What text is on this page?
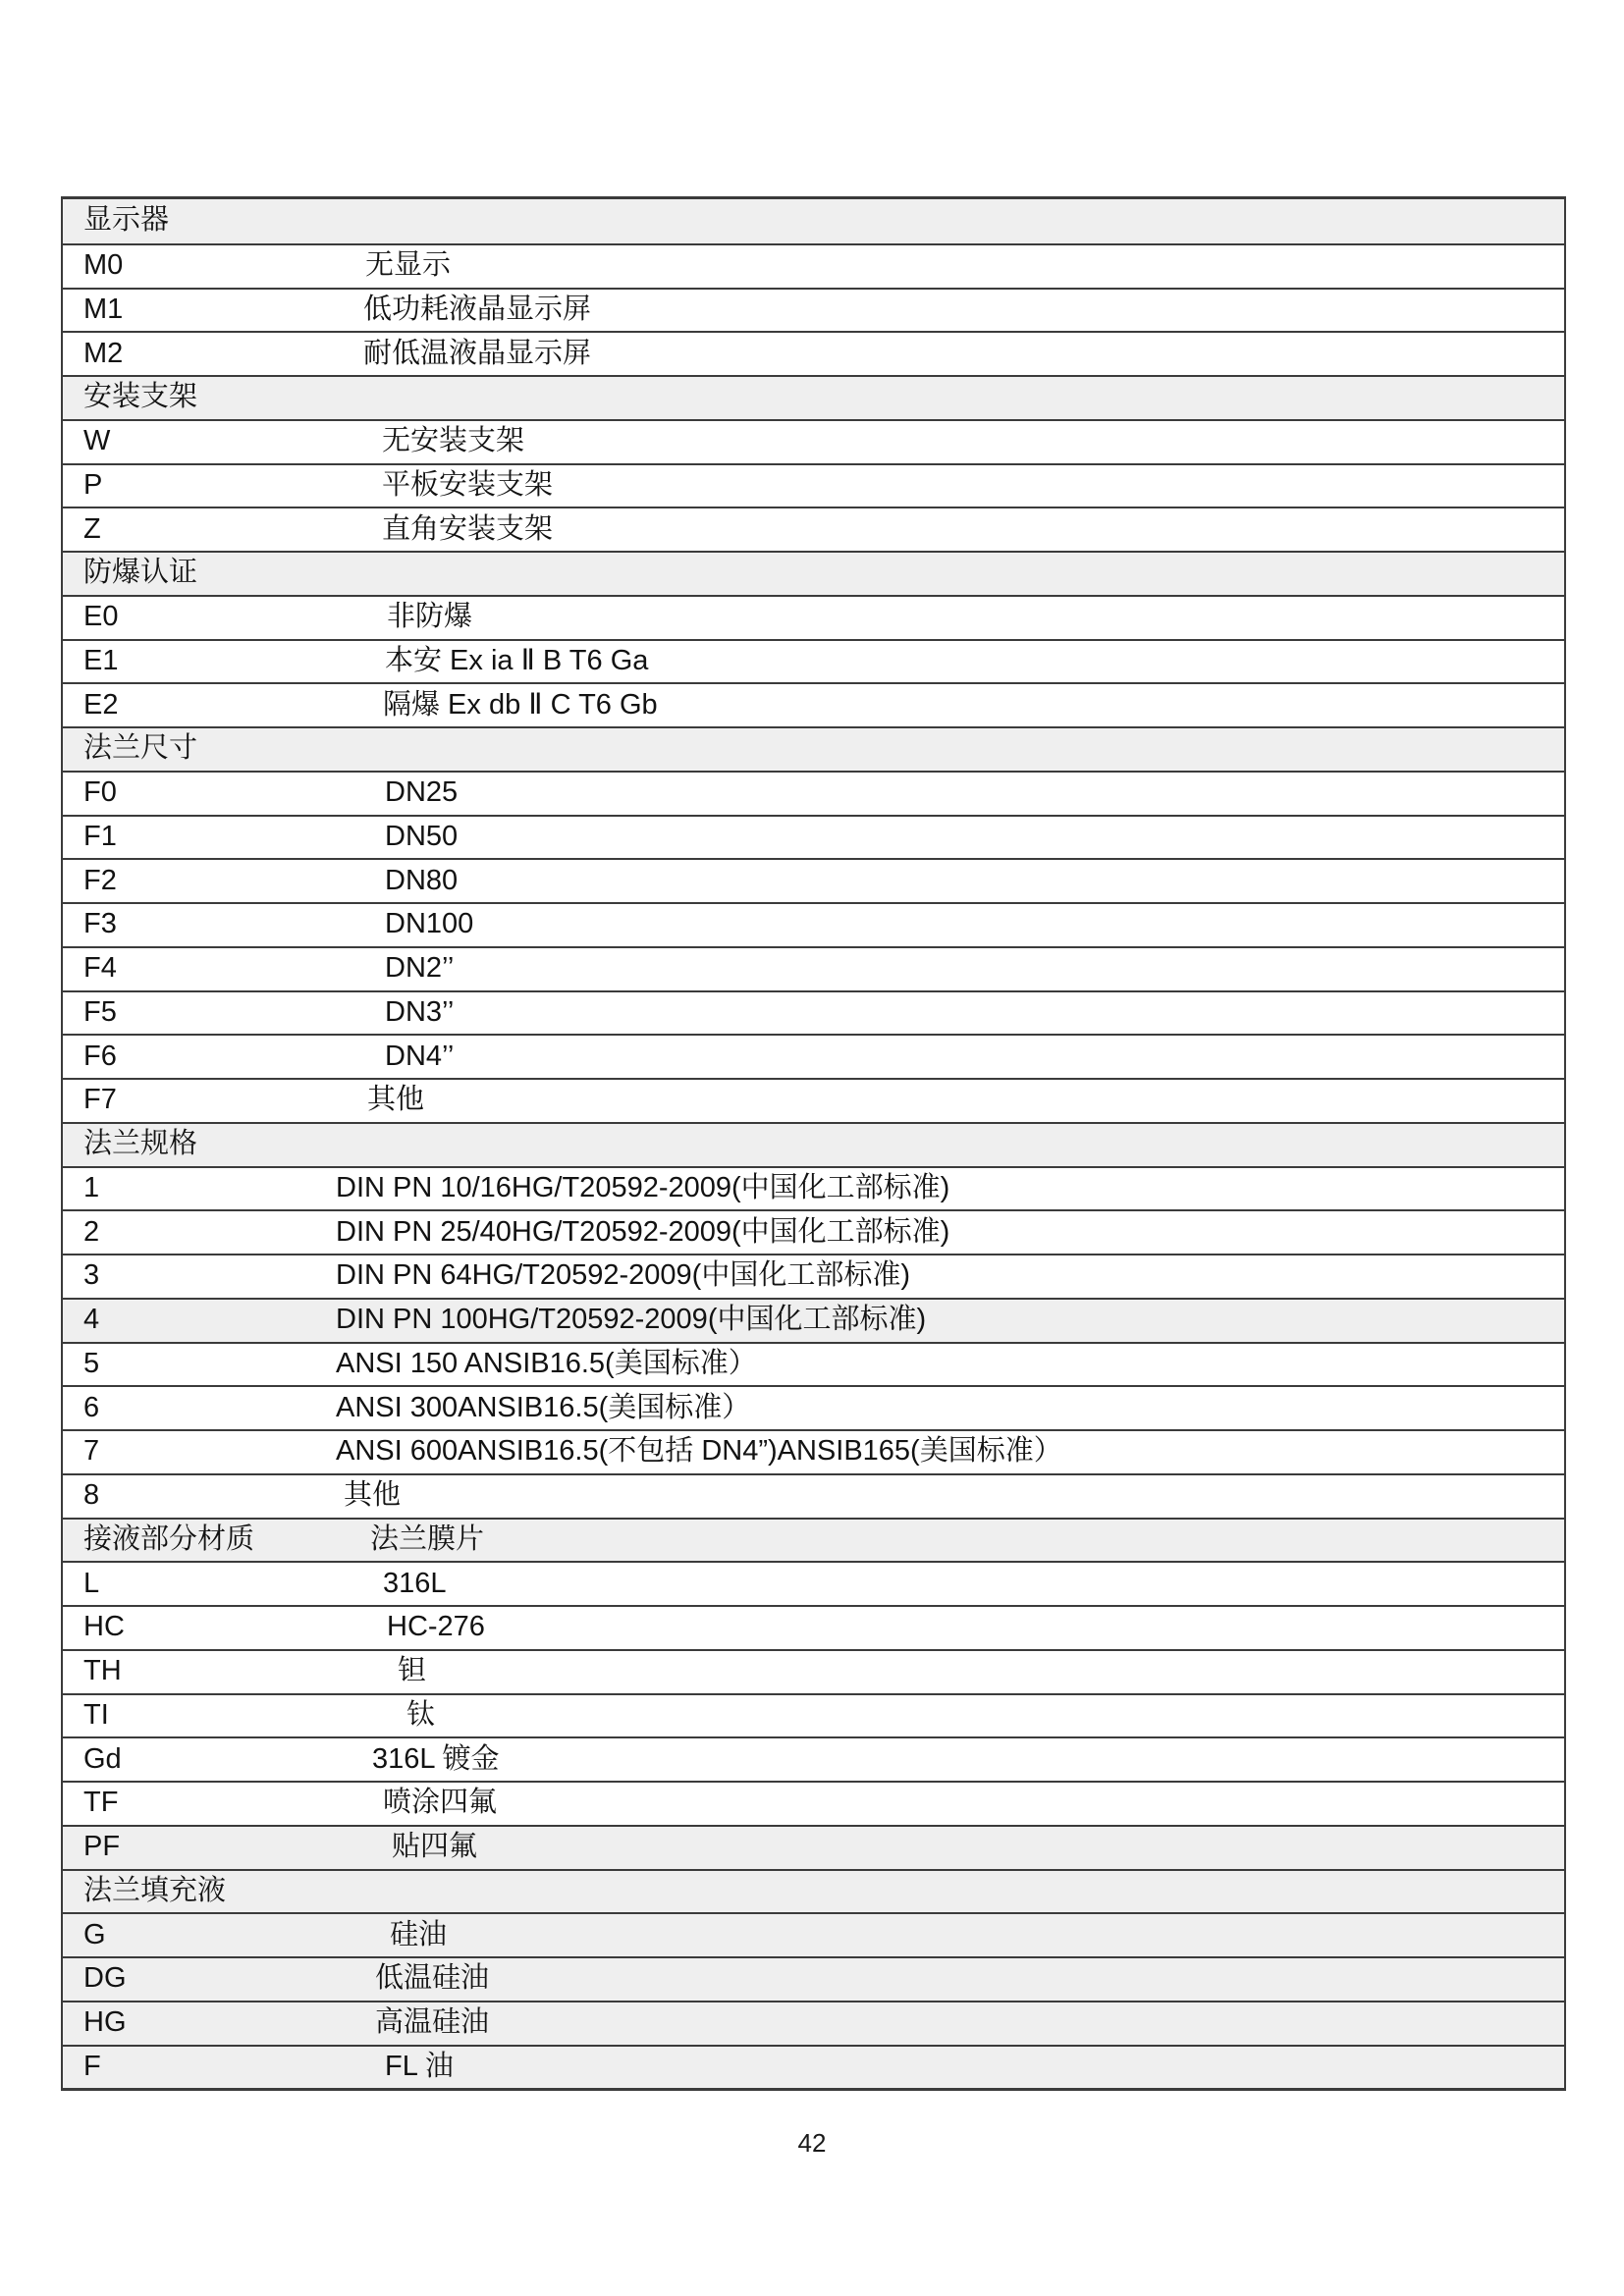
显示器
M0	无显示
M1	低功耗液晶显示屏
M2	耐低温液晶显示屏
安装支架
W	无安装支架
P	平板安装支架
Z	直角安装支架
防爆认证
E0	非防爆
E1	本安 Ex ia Ⅱ B T6 Ga
E2	隔爆 Ex db Ⅱ C T6 Gb
法兰尺寸
F0	DN25
F1	DN50
F2	DN80
F3	DN100
F4	DN2’’
F5	DN3’’
F6	DN4’’
F7	其他
法兰规格
1	DIN PN 10/16HG/T20592-2009(中国化工部标准)
2	DIN PN 25/40HG/T20592-2009(中国化工部标准)
3	DIN PN 64HG/T20592-2009(中国化工部标准)
4	DIN PN 100HG/T20592-2009(中国化工部标准)
5	ANSI 150 ANSIB16.5(美国标准）
6	ANSI 300ANSIB16.5(美国标准）
7	ANSI 600ANSIB16.5(不包括 DN4”)ANSIB165(美国标准）
8	其他
接液部分材质	法兰膜片
L	316L
HC	HC-276
TH	钽
TI	钛
Gd	316L 镀金
TF	喷涂四氟
PF	贴四氟
法兰填充液
G	硅油
DG	低温硅油
HG	高温硅油
F	FL 油
42
